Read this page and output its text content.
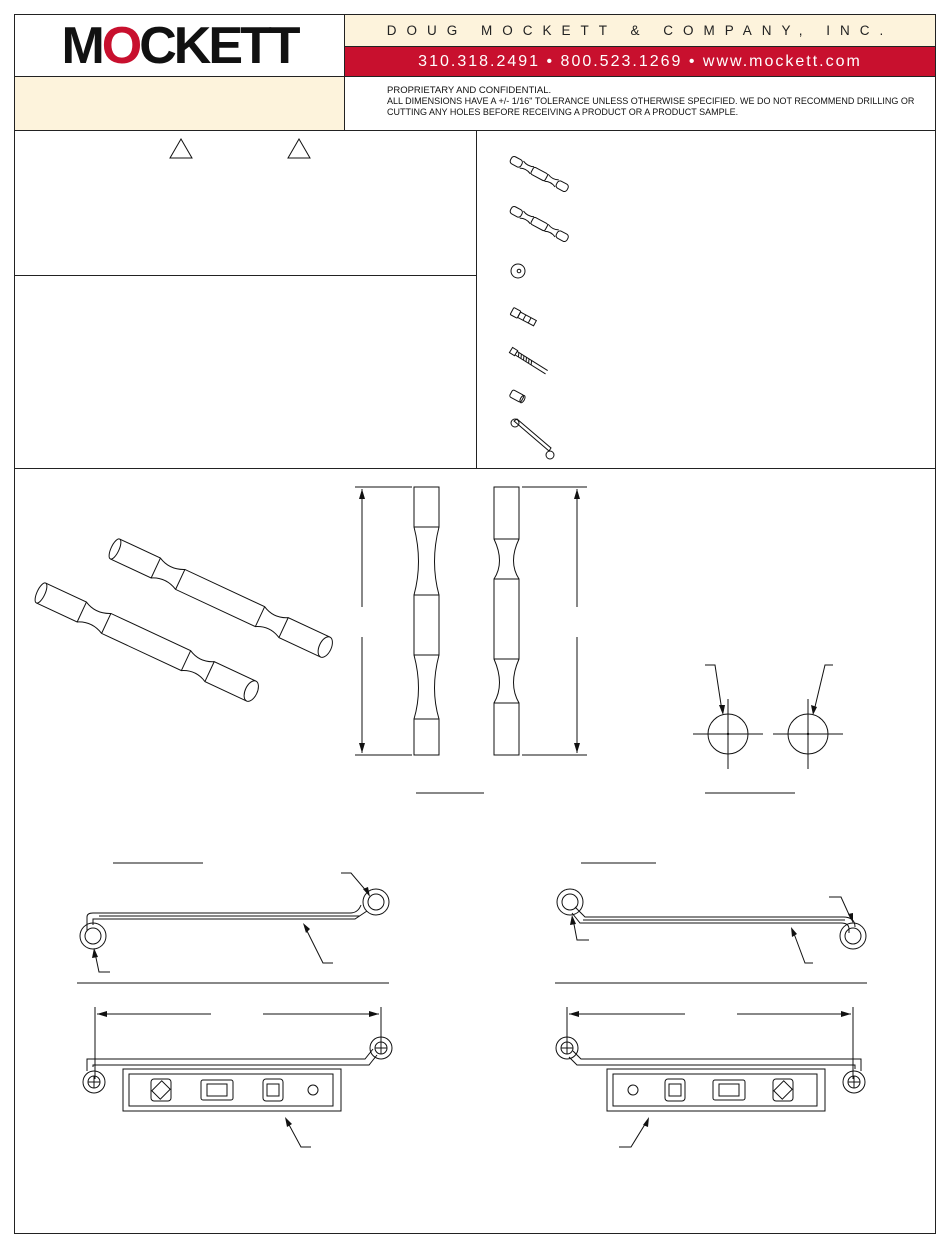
MOCKETT	DOUG MOCKETT & COMPANY, INC.
310.318.2491 • 800.523.1269 • www.mockett.com
PROPRIETARY AND CONFIDENTIAL.
ALL DIMENSIONS HAVE A +/- 1/16" TOLERANCE UNLESS OTHERWISE SPECIFIED. WE DO NOT RECOMMEND DRILLING OR
CUTTING ANY HOLES BEFORE RECEIVING A PRODUCT OR A PRODUCT SAMPLE.
